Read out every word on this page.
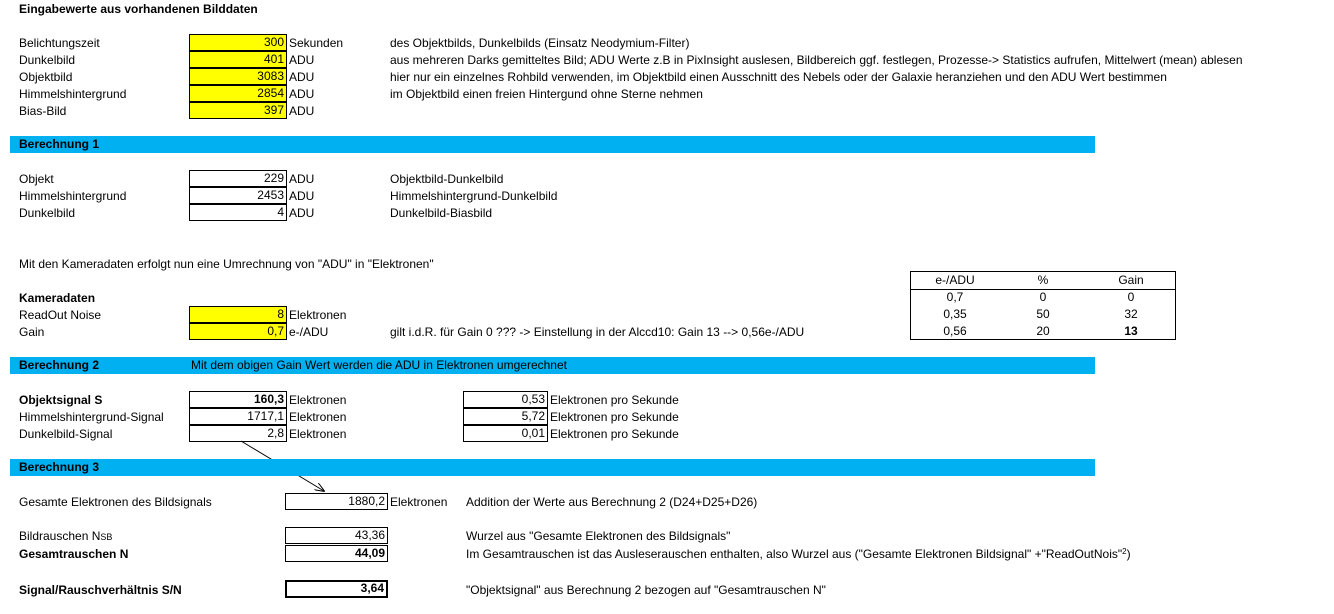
Eingabewerte aus vorhandenen Bilddaten
Belichtungszeit	300 Sekunden	des Objektbilds, Dunkelbilds (Einsatz Neodymium-Filter)
Dunkelbild	401 ADU	aus mehreren Darks gemitteltes Bild; ADU Werte z.B in PixInsight auslesen, Bildbereich ggf. festlegen, Prozesse-> Statistics aufrufen, Mittelwert (mean) ablesen
Objektbild	3083 ADU	hier nur ein einzelnes Rohbild verwenden, im Objektbild einen Ausschnitt des Nebels oder der Galaxie heranziehen und den ADU Wert bestimmen
Himmelshintergrund	2854 ADU	im Objektbild einen freien Hintergund ohne Sterne nehmen
Bias-Bild	397 ADU
Berechnung 1
Objekt	229 ADU	Objektbild-Dunkelbild
Himmelshintergrund	2453 ADU	Himmelshintergrund-Dunkelbild
Dunkelbild	4 ADU	Dunkelbild-Biasbild
Mit den Kameradaten erfolgt nun eine Umrechnung von "ADU" in "Elektronen"
Kameradaten
ReadOut Noise	8 Elektronen
Gain	0,7 e-/ADU	gilt i.d.R. für Gain 0 ??? -> Einstellung in der Alccd10: Gain 13 --> 0,56e-/ADU
e-/ADU	%	Gain
0,7	0	0
0,35	50	32
0,56	20	13
Berechnung 2	Mit dem obigen Gain Wert werden die ADU in Elektronen umgerechnet
Objektsignal S	160,3 Elektronen	0,53 Elektronen pro Sekunde
Himmelshintergrund-Signal	1717,1 Elektronen	5,72 Elektronen pro Sekunde
Dunkelbild-Signal	2,8 Elektronen	0,01 Elektronen pro Sekunde
Berechnung 3
Gesamte Elektronen des Bildsignals	1880,2 Elektronen Addition der Werte aus Berechnung 2 (D24+D25+D26)
Bildrauschen NSB	43,36	Wurzel aus "Gesamte Elektronen des Bildsignals"
Gesamtrauschen N	44,09	Im Gesamtrauschen ist das Ausleserauschen enthalten, also Wurzel aus ("Gesamte Elektronen Bildsignal" +"ReadOutNois"$^2$)
Signal/Rauschverhältnis S/N	3,64	"Objektsignal" aus Berechnung 2 bezogen auf "Gesamtrauschen N"
